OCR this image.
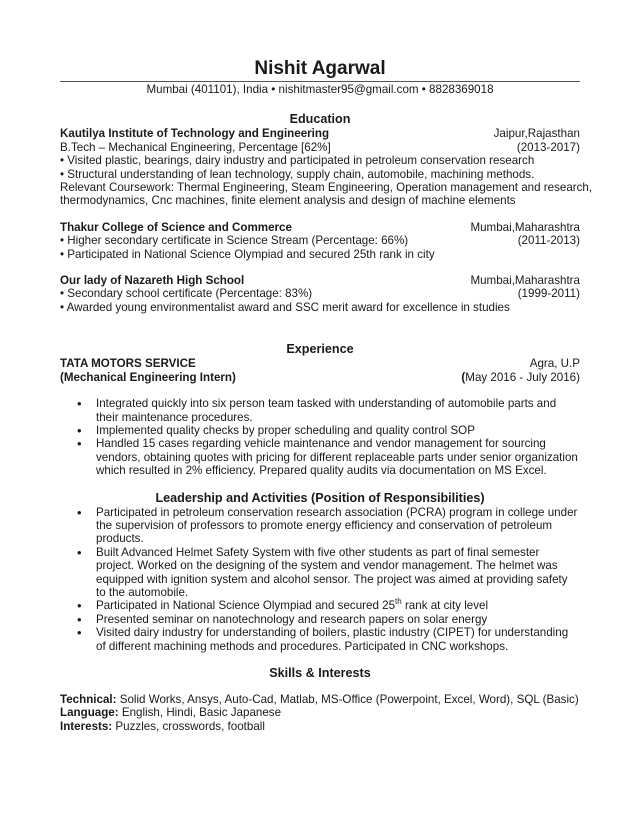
Nishit Agarwal
Mumbai (401101), India • nishitmaster95@gmail.com • 8828369018
Education
Kautilya Institute of Technology and Engineering	Jaipur,Rajasthan
B.Tech – Mechanical Engineering, Percentage [62%]	(2013-2017)
• Visited plastic, bearings, dairy industry and participated in petroleum conservation research
• Structural understanding of lean technology, supply chain, automobile, machining methods.
Relevant Coursework: Thermal Engineering, Steam Engineering, Operation management and research,
thermodynamics, Cnc machines, finite element analysis and design of machine elements
Thakur College of Science and Commerce	Mumbai,Maharashtra
• Higher secondary certificate in Science Stream (Percentage: 66%)	(2011-2013)
• Participated in National Science Olympiad and secured 25th rank in city
Our lady of Nazareth High School	Mumbai,Maharashtra
• Secondary school certificate (Percentage: 83%)	(1999-2011)
• Awarded young environmentalist award and SSC merit award for excellence in studies
Experience
TATA MOTORS SERVICE	Agra, U.P
(Mechanical Engineering Intern)	(May 2016 - July 2016)
• Integrated quickly into six person team tasked with understanding of automobile parts and their maintenance procedures.
• Implemented quality checks by proper scheduling and quality control SOP
• Handled 15 cases regarding vehicle maintenance and vendor management for sourcing vendors, obtaining quotes with pricing for different replaceable parts under senior organization which resulted in 2% efficiency. Prepared quality audits via documentation on MS Excel.
Leadership and Activities (Position of Responsibilities)
• Participated in petroleum conservation research association (PCRA) program in college under the supervision of professors to promote energy efficiency and conservation of petroleum products.
• Built Advanced Helmet Safety System with five other students as part of final semester project. Worked on the designing of the system and vendor management. The helmet was equipped with ignition system and alcohol sensor. The project was aimed at providing safety to the automobile.
• Participated in National Science Olympiad and secured 25th rank at city level
• Presented seminar on nanotechnology and research papers on solar energy
• Visited dairy industry for understanding of boilers, plastic industry (CIPET) for understanding of different machining methods and procedures. Participated in CNC workshops.
Skills & Interests
Technical: Solid Works, Ansys, Auto-Cad, Matlab, MS-Office (Powerpoint, Excel, Word), SQL (Basic)
Language: English, Hindi, Basic Japanese
Interests: Puzzles, crosswords, football
